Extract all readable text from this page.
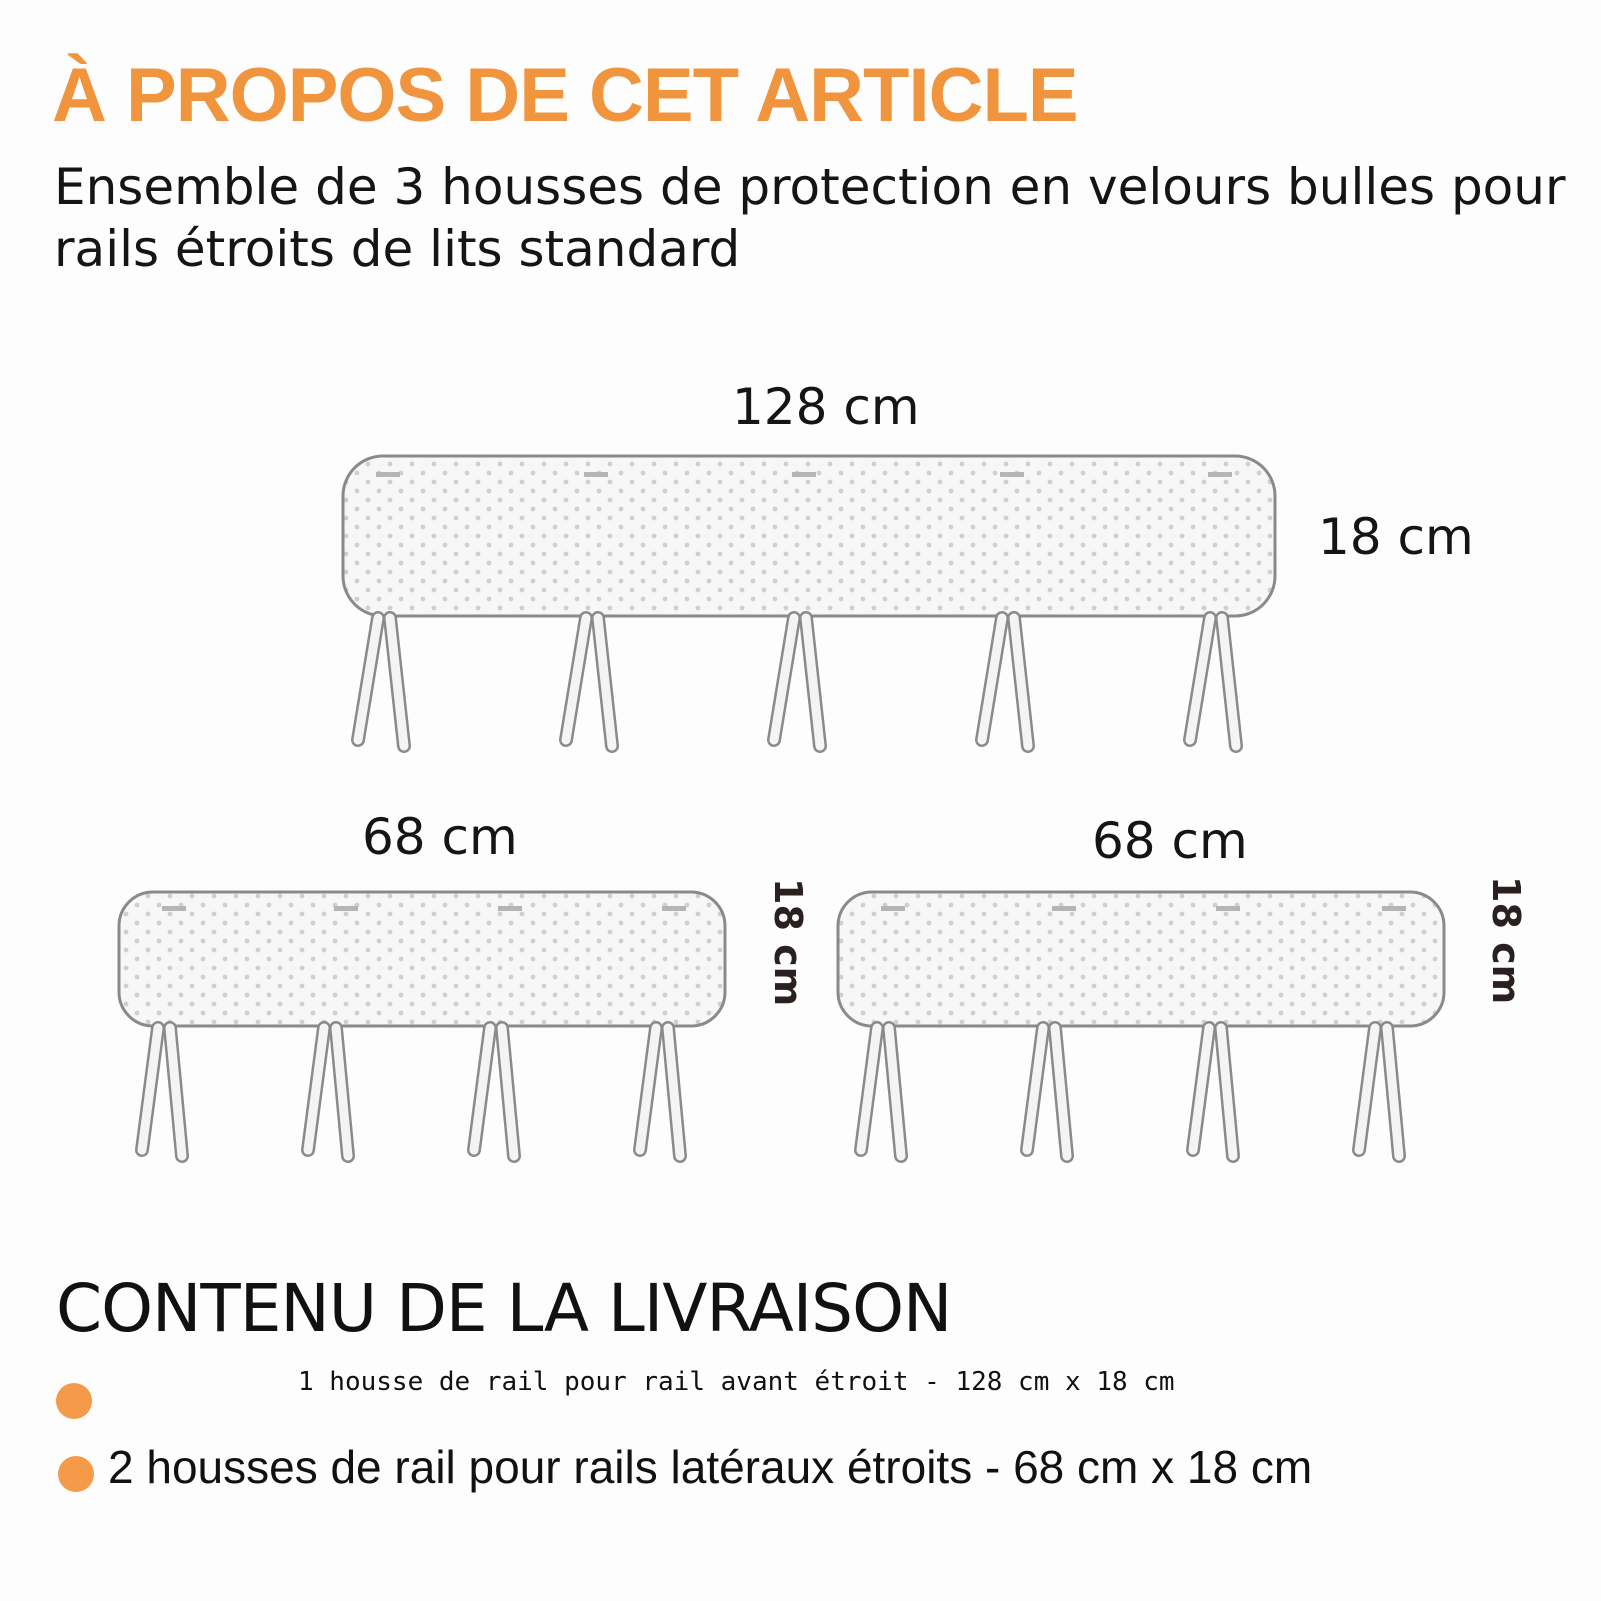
À PROPOS DE CET ARTICLE
Ensemble de 3 housses de protection en velours bulles pour rails étroits de lits standard
128 cm
18 cm
68 cm
18 cm
68 cm
18 cm
CONTENU DE LA LIVRAISON
1 housse de rail pour rail avant étroit - 128 cm x 18 cm
2 housses de rail pour rails latéraux étroits - 68 cm x 18 cm
